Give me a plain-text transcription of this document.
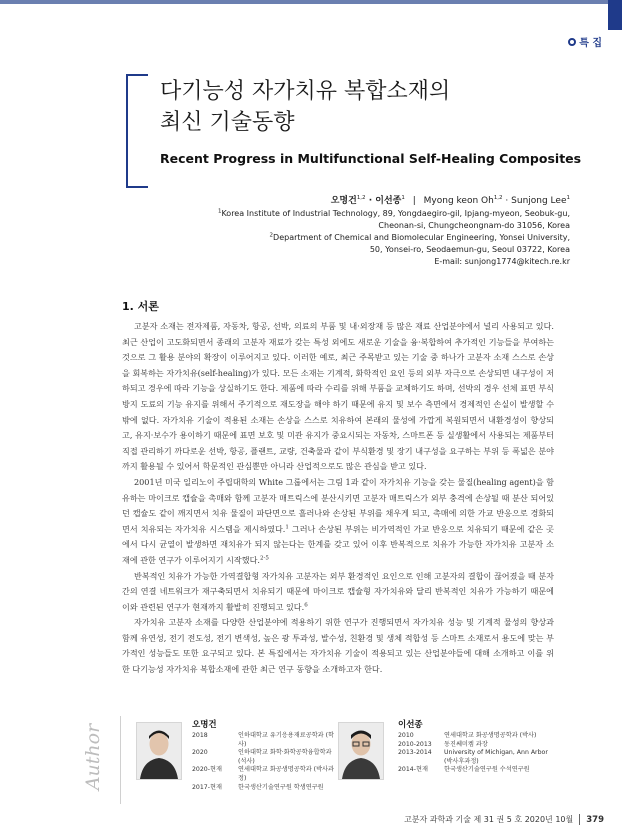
특 집
다기능성 자가치유 복합소재의
최신 기술동향
Recent Progress in Multifunctional Self-Healing Composites
오명건$^{1,2}$ · 이선종$^1$ | Myong keon Oh$^{1,2}$ · Sunjong Lee$^1$
$^1$Korea Institute of Industrial Technology, 89, Yongdaegiro-gil, Ipjang-myeon, Seobuk-gu,
Cheonan-si, Chungcheongnam-do 31056, Korea
$^2$Department of Chemical and Biomolecular Engineering, Yonsei University,
50, Yonsei-ro, Seodaemun-gu, Seoul 03722, Korea
E-mail: sunjong1774@kitech.re.kr
1. 서론

고분자 소재는 전자제품, 자동차, 항공, 선박, 의료의 부품 및 내·외장재 등 많은 재료 산업분야에서 널리 사용되고 있다. 최근 산업이 고도화되면서 종래의 고분자 재료가 갖는 특성 외에도 새로운 기술을 융·복합하여 추가적인 기능들을 부여하는 것으로 그 활용 분야의 확장이 이루어지고 있다. 이러한 예로, 최근 주목받고 있는 기술 중 하나가 고분자 소재 스스로 손상을 회복하는 자가치유(self-healing)가 있다. 모든 소재는 기계적, 화학적인 요인 등의 외부 자극으로 손상되면 내구성이 저하되고 경우에 따라 기능을 상실하기도 한다. 제품에 따라 수리를 위해 부품을 교체하기도 하며, 선박의 경우 선체 표면 부식방지 도료의 기능 유지를 위해서 주기적으로 재도장을 해야 하기 때문에 유지 및 보수 측면에서 경제적인 손실이 발생할 수밖에 없다. 자가치유 기술이 적용된 소재는 손상을 스스로 치유하여 본래의 물성에 가깝게 복원되면서 내환경성이 향상되고, 유지·보수가 용이하기 때문에 표면 보호 및 미관 유지가 중요시되는 자동차, 스마트폰 등 실생활에서 사용되는 제품부터 직접 관리하기 까다로운 선박, 항공, 플랜트, 교량, 건축물과 같이 부식환경 및 장기 내구성을 요구하는 부위 등 폭넓은 분야까지 활용될 수 있어서 학문적인 관심뿐만 아니라 산업적으로도 많은 관심을 받고 있다.

2001년 미국 일리노이 주립대학의 White 그룹에서는 그림 1과 같이 자가치유 기능을 갖는 물질(healing agent)을 함유하는 마이크로 캡슐을 촉매와 함께 고분자 매트릭스에 분산시키면 고분자 매트릭스가 외부 충격에 손상될 때 분산 되어있던 캡슐도 같이 깨지면서 치유 물질이 파단면으로 흘러나와 손상된 부위를 채우게 되고, 촉매에 의한 가교 반응으로 경화되면서 치유되는 자가치유 시스템을 제시하였다.$^1$ 그러나 손상된 부위는 비가역적인 가교 반응으로 치유되기 때문에 같은 곳에서 다시 균열이 발생하면 재치유가 되지 않는다는 한계를 갖고 있어 이후 반복적으로 치유가 가능한 자가치유 고분자 소재에 관한 연구가 이루어지기 시작했다.$^{2-5}$

반복적인 치유가 가능한 가역결합형 자가치유 고분자는 외부 환경적인 요인으로 인해 고분자의 결합이 끊어졌을 때 분자 간의 연결 네트워크가 재구축되면서 치유되기 때문에 마이크로 캡슐형 자가치유와 달리 반복적인 치유가 가능하기 때문에 이와 관련된 연구가 현재까지 활발히 진행되고 있다.$^6$

자가치유 고분자 소재를 다양한 산업분야에 적용하기 위한 연구가 진행되면서 자가치유 성능 및 기계적 물성의 향상과 함께 유연성, 전기 전도성, 전기 변색성, 높은 광 투과성, 발수성, 친환경 및 생체 적합성 등 스마트 소재로서 용도에 맞는 부가적인 성능들도 또한 요구되고 있다. 본 특집에서는 자가치유 기술이 적용되고 있는 산업분야들에 대해 소개하고 이를 위한 다기능성 자가치유 복합소재에 관한 최근 연구 동향을 소개하고자 한다.

Author	오명건
2018	인하대학교 유기응용재료공학과 (학사)
2020	인하대학교 화학·화학공학융합학과 (석사)
2020-현재	연세대학교 화공생명공학과 (박사과정)
2017-현재	한국생산기술연구원 학생연구원
이선종
2010	연세대학교 화공생명공학과 (박사)
2010-2013	동진쎄미켐 과장
2013-2014	University of Michigan, Ann Arbor (박사후과정)
2014-현재	한국생산기술연구원 수석연구원
고분자 과학과 기술 제 31 권 5 호 2020년 10월 379
